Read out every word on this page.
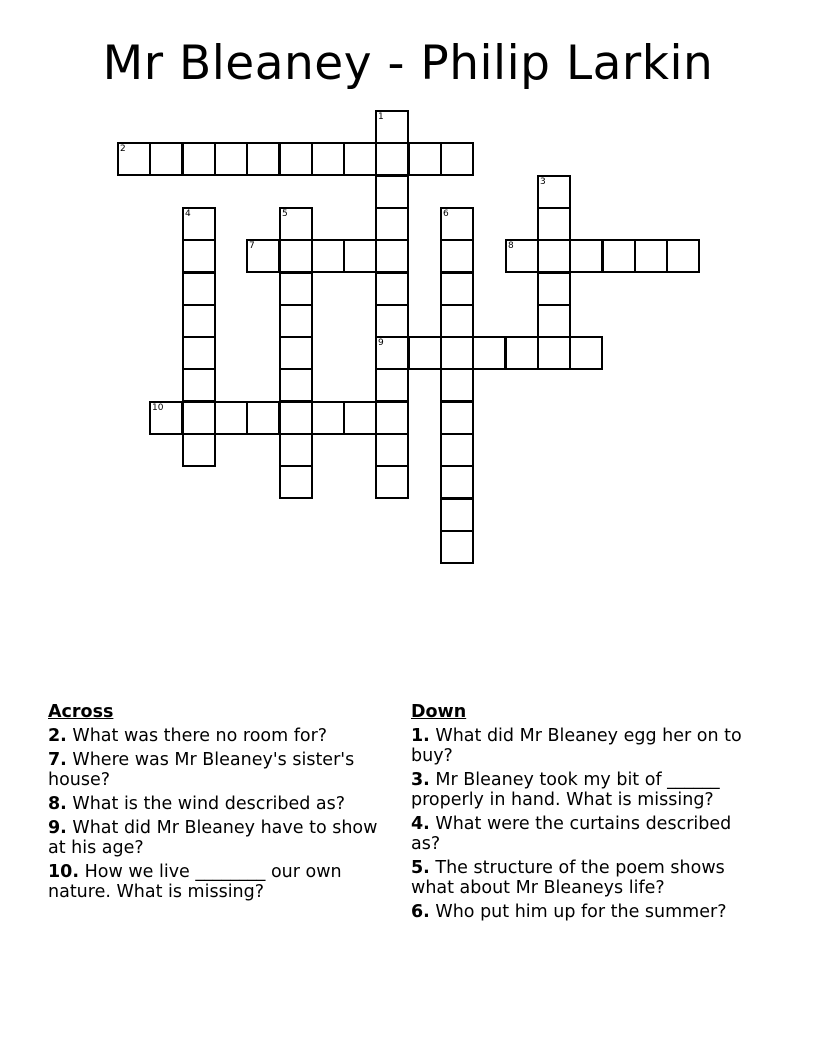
Mr Bleaney - Philip Larkin
1
9
2
3
4	5	6
7	8
10
Across
2. What was there no room for?
7. Where was Mr Bleaney's sister's house?
8. What is the wind described as?
9. What did Mr Bleaney have to show at his age?
10. How we live ________ our own nature. What is missing?
Down
1. What did Mr Bleaney egg her on to buy?
3. Mr Bleaney took my bit of ______ properly in hand. What is missing?
4. What were the curtains described as?
5. The structure of the poem shows what about Mr Bleaneys life?
6. Who put him up for the summer?
